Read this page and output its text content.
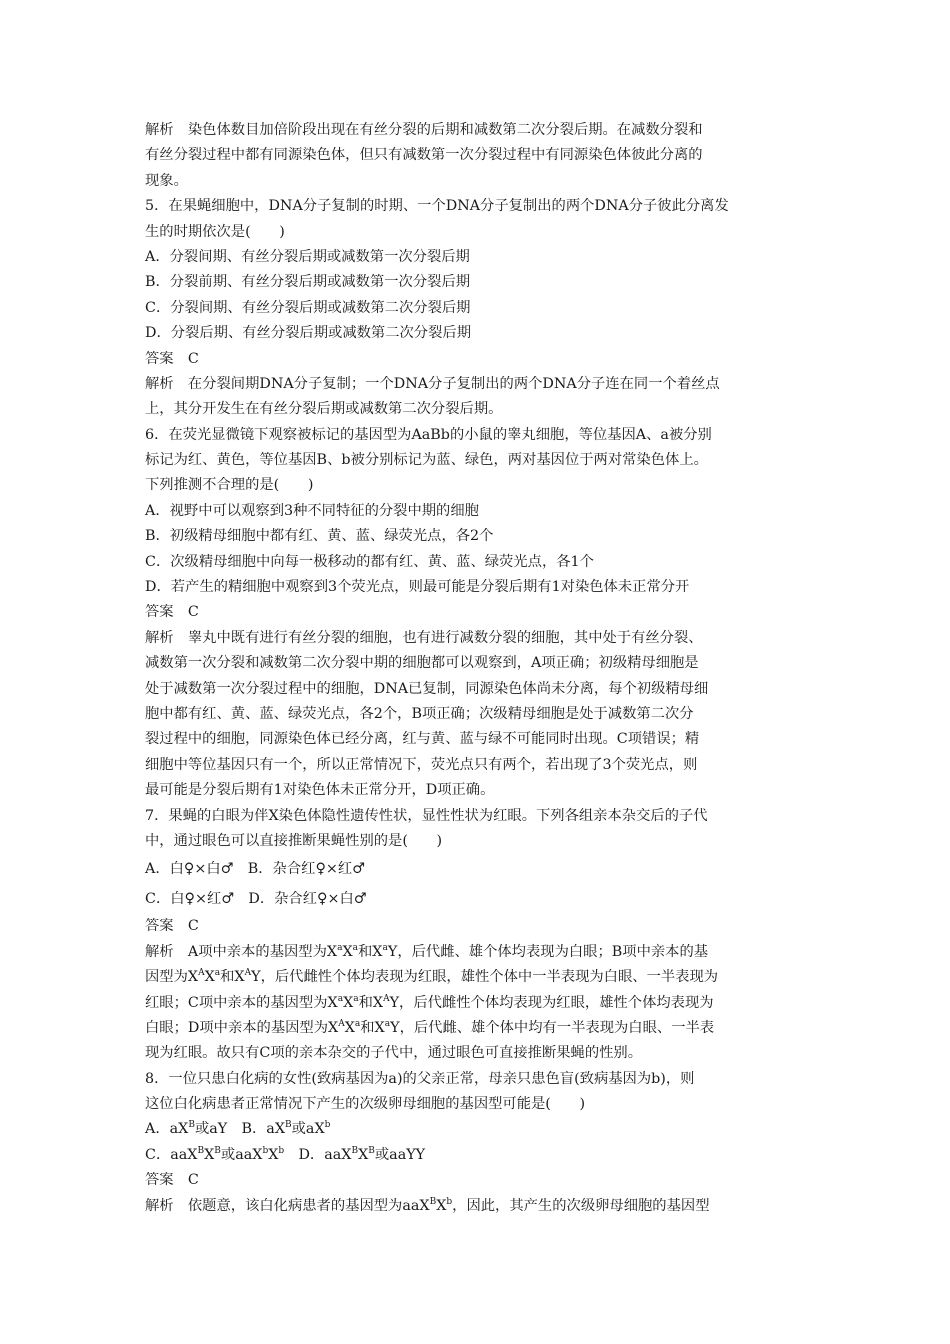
解析　染色体数目加倍阶段出现在有丝分裂的后期和减数第二次分裂后期。在减数分裂和
有丝分裂过程中都有同源染色体，但只有减数第一次分裂过程中有同源染色体彼此分离的
现象。
5．在果蝇细胞中，DNA分子复制的时期、一个DNA分子复制出的两个DNA分子彼此分离发
生的时期依次是(　　)
A．分裂间期、有丝分裂后期或减数第一次分裂后期
B．分裂前期、有丝分裂后期或减数第一次分裂后期
C．分裂间期、有丝分裂后期或减数第二次分裂后期
D．分裂后期、有丝分裂后期或减数第二次分裂后期
答案　C
解析　在分裂间期DNA分子复制；一个DNA分子复制出的两个DNA分子连在同一个着丝点
上，其分开发生在有丝分裂后期或减数第二次分裂后期。
6．在荧光显微镜下观察被标记的基因型为AaBb的小鼠的睾丸细胞，等位基因A、a被分别
标记为红、黄色，等位基因B、b被分别标记为蓝、绿色，两对基因位于两对常染色体上。
下列推测不合理的是(　　)
A．视野中可以观察到3种不同特征的分裂中期的细胞
B．初级精母细胞中都有红、黄、蓝、绿荧光点，各2个
C．次级精母细胞中向每一极移动的都有红、黄、蓝、绿荧光点，各1个
D．若产生的精细胞中观察到3个荧光点，则最可能是分裂后期有1对染色体未正常分开
答案　C
解析　睾丸中既有进行有丝分裂的细胞，也有进行减数分裂的细胞，其中处于有丝分裂、
减数第一次分裂和减数第二次分裂中期的细胞都可以观察到，A项正确；初级精母细胞是
处于减数第一次分裂过程中的细胞，DNA已复制，同源染色体尚未分离，每个初级精母细
胞中都有红、黄、蓝、绿荧光点，各2个，B项正确；次级精母细胞是处于减数第二次分
裂过程中的细胞，同源染色体已经分离，红与黄、蓝与绿不可能同时出现。C项错误；精
细胞中等位基因只有一个，所以正常情况下，荧光点只有两个，若出现了3个荧光点，则
最可能是分裂后期有1对染色体未正常分开，D项正确。
7．果蝇的白眼为伴X染色体隐性遗传性状，显性性状为红眼。下列各组亲本杂交后的子代
中，通过眼色可以直接推断果蝇性别的是(　　)
A．白♀×白♂　B．杂合红♀×红♂
C．白♀×红♂　D．杂合红♀×白♂
答案　C
解析　A项中亲本的基因型为$X^aX^a$和$X^aY$，后代雌、雄个体均表现为白眼；B项中亲本的基
因型为$X^AX^a$和$X^AY$，后代雌性个体均表现为红眼，雄性个体中一半表现为白眼、一半表现为
红眼；C项中亲本的基因型为$X^aX^a$和$X^AY$，后代雌性个体均表现为红眼，雄性个体均表现为
白眼；D项中亲本的基因型为$X^AX^a$和$X^aY$，后代雌、雄个体中均有一半表现为白眼、一半表
现为红眼。故只有C项的亲本杂交的子代中，通过眼色可直接推断果蝇的性别。
8．一位只患白化病的女性(致病基因为a)的父亲正常，母亲只患色盲(致病基因为b)，则
这位白化病患者正常情况下产生的次级卵母细胞的基因型可能是(　　)
A．$aX^B$或aY　B．$aX^B$或$aX^b$
C．$aaX^BX^B$或$aaX^bX^b$　D．$aaX^BX^B$或aaYY
答案　C
解析　依题意，该白化病患者的基因型为$aaX^BX^b$，因此，其产生的次级卵母细胞的基因型
